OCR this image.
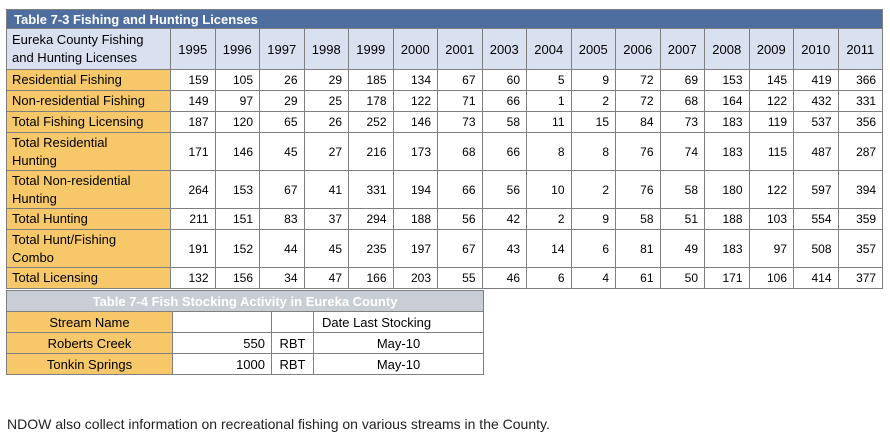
Table 7-3 Fishing and Hunting Licenses																

Eureka County Fishing
and Hunting Licenses	1995	1996	1997	1998	1999	2000	2001	2003	2004	2005	2006	2007	2008	2009	2010	2011

Residential Fishing	159	105	26	29	185	134	67	60	5	9	72	69	153	145	419	366

Non-residential Fishing	149	97	29	25	178	122	71	66	1	2	72	68	164	122	432	331

Total Fishing Licensing	187	120	65	26	252	146	73	58	11	15	84	73	183	119	537	356

Total Residential
Hunting	171	146	45	27	216	173	68	66	8	8	76	74	183	115	487	287

Total Non-residential
Hunting	264	153	67	41	331	194	66	56	10	2	76	58	180	122	597	394

Total Hunting	211	151	83	37	294	188	56	42	2	9	58	51	188	103	554	359

Total Hunt/Fishing
Combo	191	152	44	45	235	197	67	43	14	6	81	49	183	97	508	357

Total Licensing	132	156	34	47	166	203	55	46	6	4	61	50	171	106	414	377
Table 7-4 Fish Stocking Activity in Eureka County			
Stream Name			Date Last Stocking
Roberts Creek	550	RBT	May-10
Tonkin Springs	1000	RBT	May-10
NDOW also collect information on recreational fishing on various streams in the County.
